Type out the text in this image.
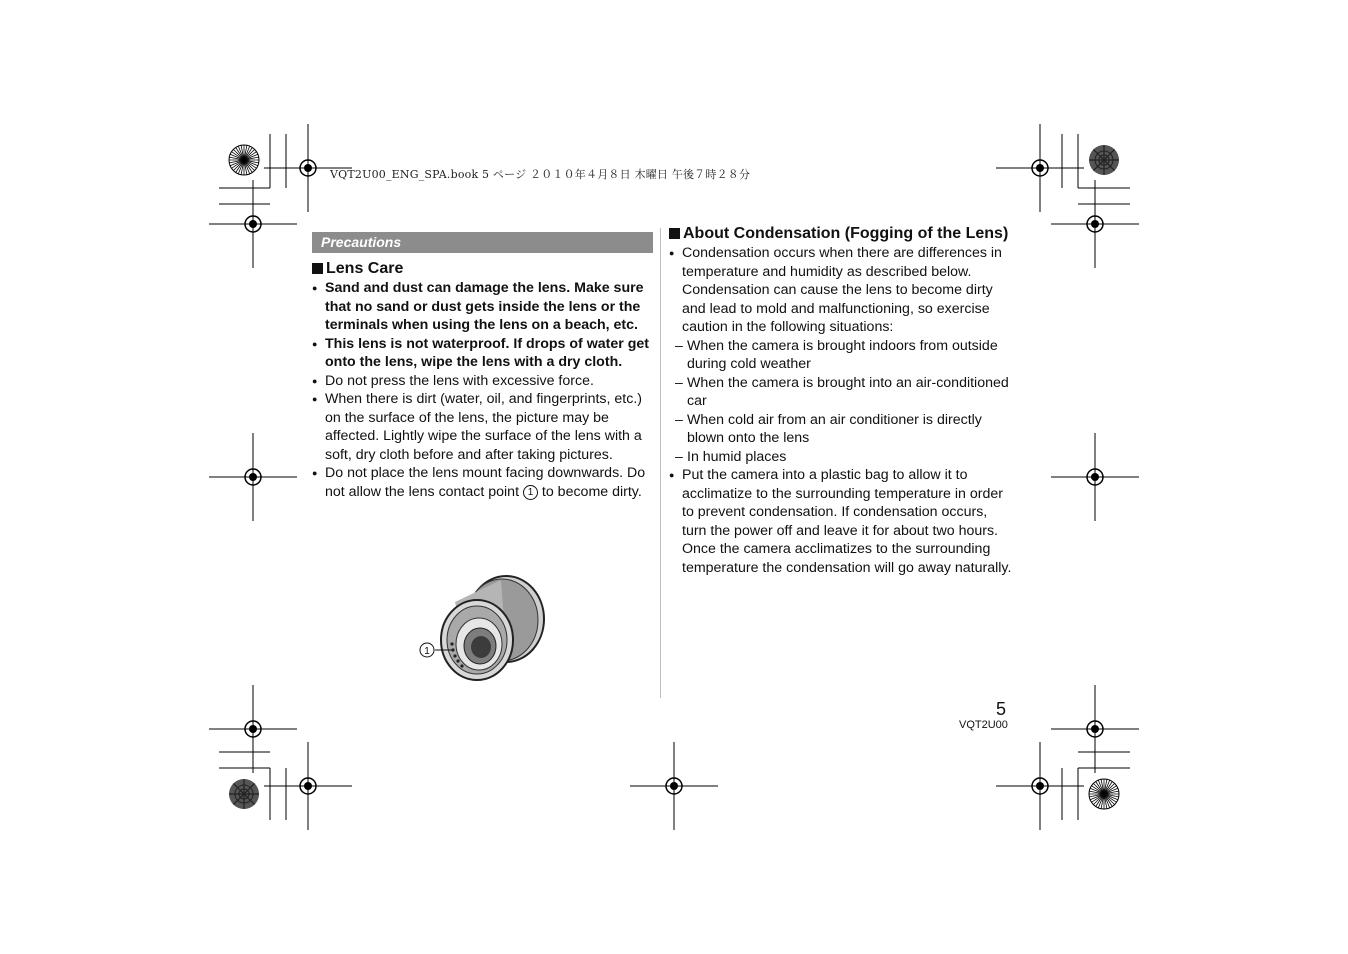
VQT2U00_ENG_SPA.book 5 ページ ２０１０年４月８日 木曜日 午後７時２８分
Precautions
Lens Care
● Sand and dust can damage the lens. Make sure that no sand or dust gets inside the lens or the terminals when using the lens on a beach, etc.
● This lens is not waterproof. If drops of water get onto the lens, wipe the lens with a dry cloth.
● Do not press the lens with excessive force.
● When there is dirt (water, oil, and fingerprints, etc.) on the surface of the lens, the picture may be affected. Lightly wipe the surface of the lens with a soft, dry cloth before and after taking pictures.
● Do not place the lens mount facing downwards. Do not allow the lens contact point 1 to become dirty.
1
About Condensation (Fogging of the Lens)
● Condensation occurs when there are differences in temperature and humidity as described below. Condensation can cause the lens to become dirty and lead to mold and malfunctioning, so exercise caution in the following situations:
– When the camera is brought indoors from outside during cold weather
– When the camera is brought into an air-conditioned car
– When cold air from an air conditioner is directly blown onto the lens
– In humid places
● Put the camera into a plastic bag to allow it to acclimatize to the surrounding temperature in order to prevent condensation. If condensation occurs, turn the power off and leave it for about two hours. Once the camera acclimatizes to the surrounding temperature the condensation will go away naturally.
5
VQT2U00
